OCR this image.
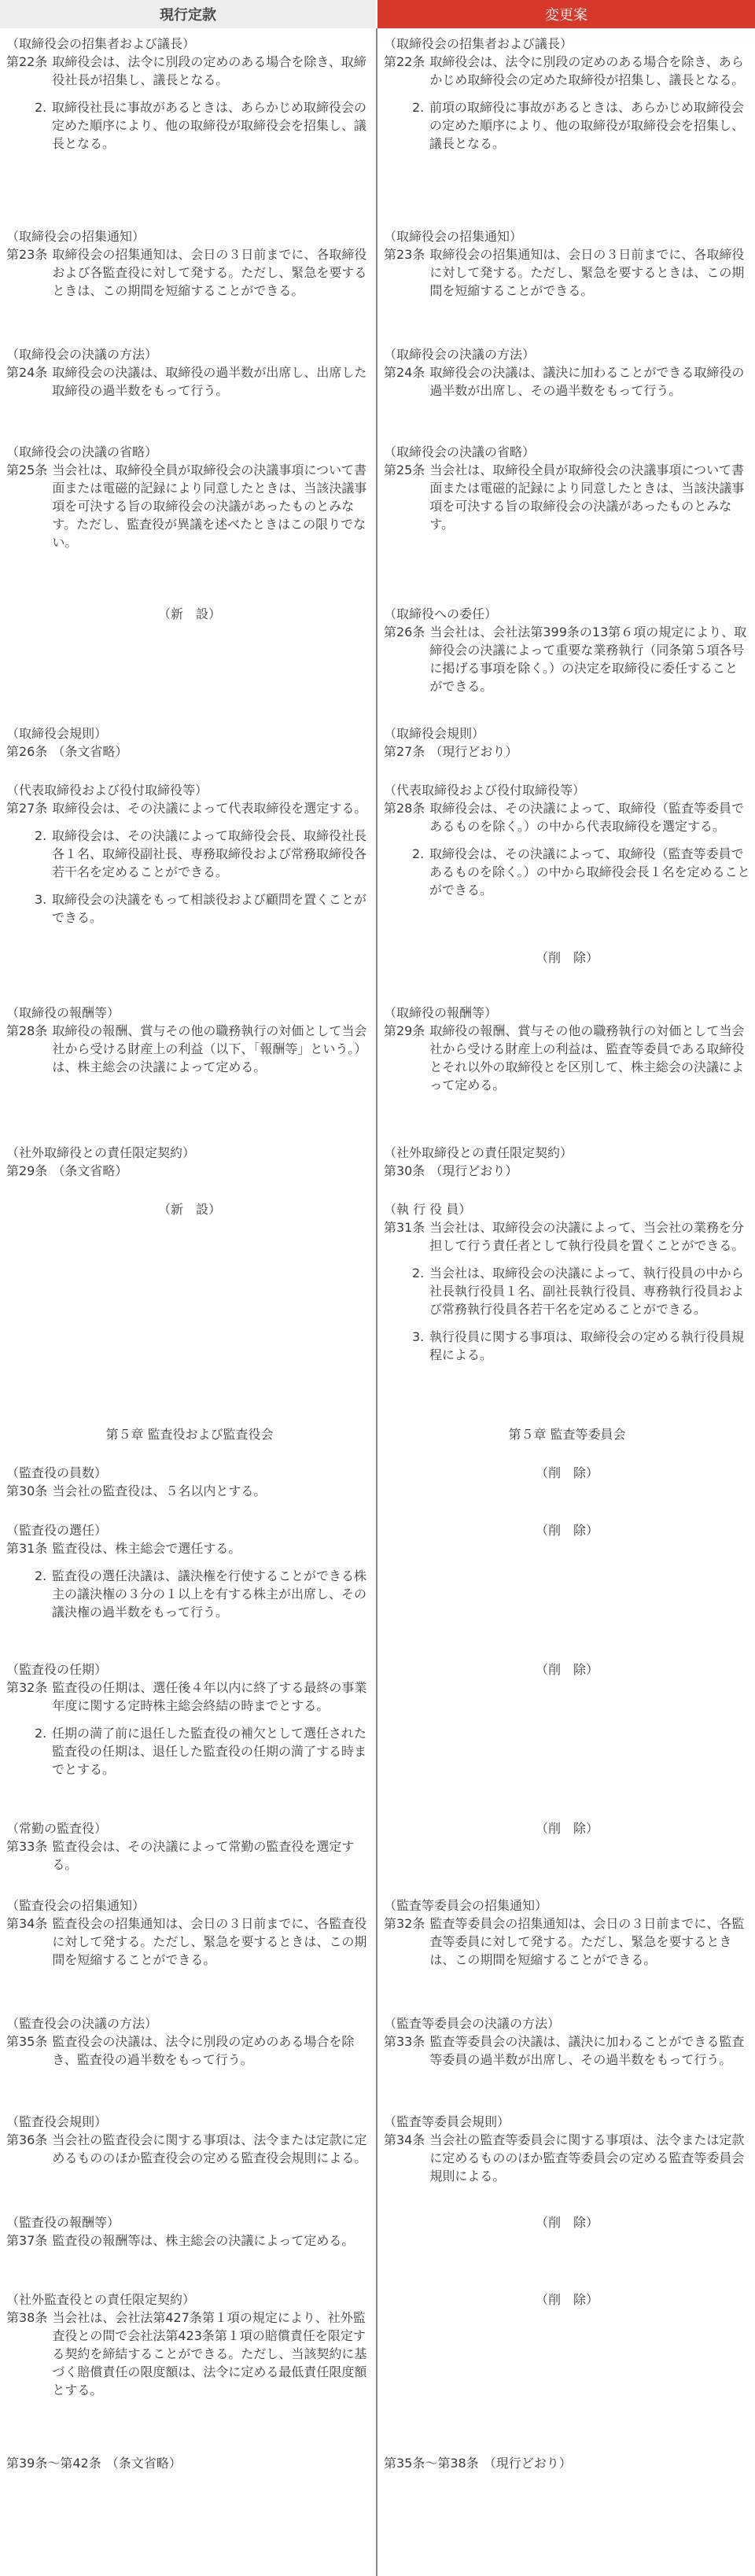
現行定款	変更案
（取締役会の招集者および議長）
第22条 取締役会は、法令に別段の定めのある場合を除き、取締役社長が招集し、議長となる。
2. 取締役社長に事故があるときは、あらかじめ取締役会の定めた順序により、他の取締役が取締役会を招集し、議長となる。
（取締役会の招集通知）
第23条 取締役会の招集通知は、会日の３日前までに、各取締役および各監査役に対して発する。ただし、緊急を要するときは、この期間を短縮することができる。
（取締役会の決議の方法）
第24条 取締役会の決議は、取締役の過半数が出席し、出席した取締役の過半数をもって行う。
（取締役会の決議の省略）
第25条 当会社は、取締役全員が取締役会の決議事項について書面または電磁的記録により同意したときは、当該決議事項を可決する旨の取締役会の決議があったものとみなす。ただし、監査役が異議を述べたときはこの限りでない。
（新　設）
（取締役会規則）
第26条 （条文省略）
（代表取締役および役付取締役等）
第27条 取締役会は、その決議によって代表取締役を選定する。
2. 取締役会は、その決議によって取締役会長、取締役社長各１名、取締役副社長、専務取締役および常務取締役各若干名を定めることができる。
3. 取締役会の決議をもって相談役および顧問を置くことができる。
（取締役の報酬等）
第28条 取締役の報酬、賞与その他の職務執行の対価として当会社から受ける財産上の利益（以下、「報酬等」という。）は、株主総会の決議によって定める。
（社外取締役との責任限定契約）
第29条 （条文省略）
（新　設）
第５章 監査役および監査役会
（監査役の員数）
第30条 当会社の監査役は、５名以内とする。
（監査役の選任）
第31条 監査役は、株主総会で選任する。
2. 監査役の選任決議は、議決権を行使することができる株主の議決権の３分の１以上を有する株主が出席し、その議決権の過半数をもって行う。
（監査役の任期）
第32条 監査役の任期は、選任後４年以内に終了する最終の事業年度に関する定時株主総会終結の時までとする。
2. 任期の満了前に退任した監査役の補欠として選任された監査役の任期は、退任した監査役の任期の満了する時までとする。
（常勤の監査役）
第33条 監査役会は、その決議によって常勤の監査役を選定する。
（監査役会の招集通知）
第34条 監査役会の招集通知は、会日の３日前までに、各監査役に対して発する。ただし、緊急を要するときは、この期間を短縮することができる。
（監査役会の決議の方法）
第35条 監査役会の決議は、法令に別段の定めのある場合を除き、監査役の過半数をもって行う。
（監査役会規則）
第36条 当会社の監査役会に関する事項は、法令または定款に定めるもののほか監査役会の定める監査役会規則による。
（監査役の報酬等）
第37条 監査役の報酬等は、株主総会の決議によって定める。
（社外監査役との責任限定契約）
第38条 当会社は、会社法第427条第１項の規定により、社外監査役との間で会社法第423条第１項の賠償責任を限定する契約を締結することができる。ただし、当該契約に基づく賠償責任の限度額は、法令に定める最低責任限度額とする。
第39条～第42条 （条文省略）
（取締役会の招集者および議長）
第22条 取締役会は、法令に別段の定めのある場合を除き、あらかじめ取締役会の定めた取締役が招集し、議長となる。
2. 前項の取締役に事故があるときは、あらかじめ取締役会の定めた順序により、他の取締役が取締役会を招集し、議長となる。
（取締役会の招集通知）
第23条 取締役会の招集通知は、会日の３日前までに、各取締役に対して発する。ただし、緊急を要するときは、この期間を短縮することができる。
（取締役会の決議の方法）
第24条 取締役会の決議は、議決に加わることができる取締役の過半数が出席し、その過半数をもって行う。
（取締役会の決議の省略）
第25条 当会社は、取締役全員が取締役会の決議事項について書面または電磁的記録により同意したときは、当該決議事項を可決する旨の取締役会の決議があったものとみなす。
（取締役への委任）
第26条 当会社は、会社法第399条の13第６項の規定により、取締役会の決議によって重要な業務執行（同条第５項各号に掲げる事項を除く。）の決定を取締役に委任することができる。
（取締役会規則）
第27条 （現行どおり）
（代表取締役および役付取締役等）
第28条 取締役会は、その決議によって、取締役（監査等委員であるものを除く。）の中から代表取締役を選定する。
2. 取締役会は、その決議によって、取締役（監査等委員であるものを除く。）の中から取締役会長１名を定めることができる。
（削　除）
（取締役の報酬等）
第29条 取締役の報酬、賞与その他の職務執行の対価として当会社から受ける財産上の利益は、監査等委員である取締役とそれ以外の取締役とを区別して、株主総会の決議によって定める。
（社外取締役との責任限定契約）
第30条 （現行どおり）
（執 行 役 員）
第31条 当会社は、取締役会の決議によって、当会社の業務を分担して行う責任者として執行役員を置くことができる。
2. 当会社は、取締役会の決議によって、執行役員の中から社長執行役員１名、副社長執行役員、専務執行役員および常務執行役員各若干名を定めることができる。
3. 執行役員に関する事項は、取締役会の定める執行役員規程による。
第５章 監査等委員会
（削　除）
（削　除）
（削　除）
（削　除）
（監査等委員会の招集通知）
第32条 監査等委員会の招集通知は、会日の３日前までに、各監査等委員に対して発する。ただし、緊急を要するときは、この期間を短縮することができる。
（監査等委員会の決議の方法）
第33条 監査等委員会の決議は、議決に加わることができる監査等委員の過半数が出席し、その過半数をもって行う。
（監査等委員会規則）
第34条 当会社の監査等委員会に関する事項は、法令または定款に定めるもののほか監査等委員会の定める監査等委員会規則による。
（削　除）
（削　除）
第35条～第38条 （現行どおり）
